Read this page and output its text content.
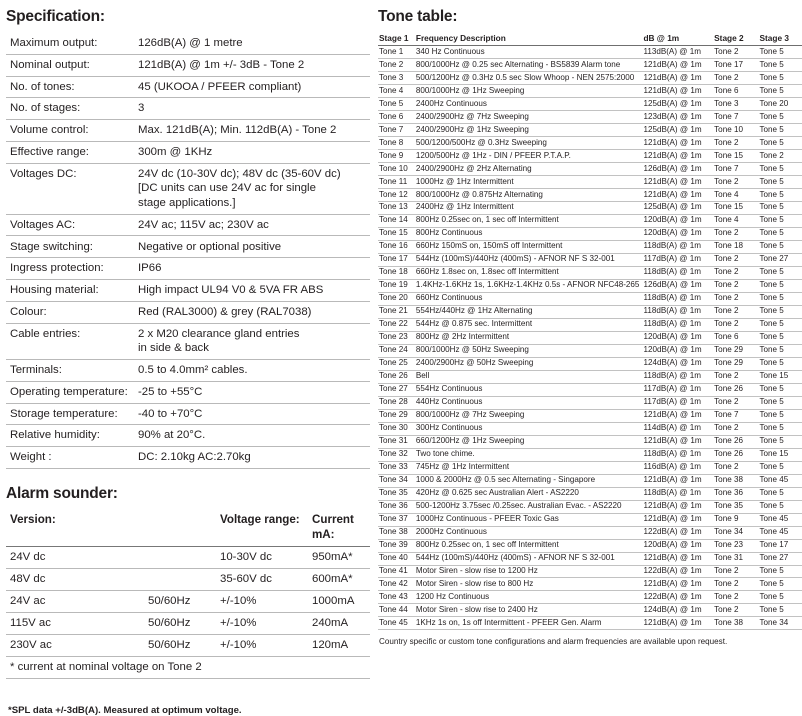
Specification:
Maximum output:	126dB(A) @ 1 metre
Nominal output:	121dB(A) @ 1m +/- 3dB - Tone 2
No. of tones:	45 (UKOOA / PFEER compliant)
No. of stages:	3
Volume control:	Max. 121dB(A); Min. 112dB(A) - Tone 2
Effective range:	300m @ 1KHz
Voltages DC:	24V dc (10-30V dc); 48V dc (35-60V dc)
[DC units can use 24V ac for single
stage applications.]
Voltages AC:	24V ac; 115V ac; 230V ac
Stage switching:	Negative or optional positive
Ingress protection:	IP66
Housing material:	High impact UL94 V0 & 5VA FR ABS
Colour:	Red (RAL3000) & grey (RAL7038)
Cable entries:	2 x M20 clearance gland entries
in side & back
Terminals:	0.5 to 4.0mm² cables.
Operating temperature:	-25 to +55°C
Storage temperature:	-40 to +70°C
Relative humidity:	90% at 20°C.
Weight :	DC: 2.10kg AC:2.70kg
Alarm sounder:
Version:		Voltage range:	Current mA:
24V dc		10-30V dc	950mA*
48V dc		35-60V dc	600mA*
24V ac	50/60Hz	+/-10%	1000mA
115V ac	50/60Hz	+/-10%	240mA
230V ac	50/60Hz	+/-10%	120mA
* current at nominal voltage on Tone 2			
*SPL data +/-3dB(A). Measured at optimum voltage.
Tone table:
Stage 1	Frequency Description	dB @ 1m	Stage 2	Stage 3
Tone 1	340 Hz Continuous	113dB(A) @ 1m	Tone 2	Tone 5
Tone 2	800/1000Hz @ 0.25 sec Alternating - BS5839 Alarm tone	121dB(A) @ 1m	Tone 17	Tone 5
Tone 3	500/1200Hz @ 0.3Hz 0.5 sec Slow Whoop - NEN 2575:2000	121dB(A) @ 1m	Tone 2	Tone 5
Tone 4	800/1000Hz @ 1Hz Sweeping	121dB(A) @ 1m	Tone 6	Tone 5
Tone 5	2400Hz Continuous	125dB(A) @ 1m	Tone 3	Tone 20
Tone 6	2400/2900Hz @ 7Hz Sweeping	123dB(A) @ 1m	Tone 7	Tone 5
Tone 7	2400/2900Hz @ 1Hz Sweeping	125dB(A) @ 1m	Tone 10	Tone 5
Tone 8	500/1200/500Hz @ 0.3Hz Sweeping	121dB(A) @ 1m	Tone 2	Tone 5
Tone 9	1200/500Hz @ 1Hz - DIN / PFEER P.T.A.P.	121dB(A) @ 1m	Tone 15	Tone 2
Tone 10	2400/2900Hz @ 2Hz Alternating	126dB(A) @ 1m	Tone 7	Tone 5
Tone 11	1000Hz @ 1Hz Intermittent	121dB(A) @ 1m	Tone 2	Tone 5
Tone 12	800/1000Hz @ 0.875Hz Alternating	121dB(A) @ 1m	Tone 4	Tone 5
Tone 13	2400Hz @ 1Hz Intermittent	125dB(A) @ 1m	Tone 15	Tone 5
Tone 14	800Hz 0.25sec on, 1 sec off Intermittent	120dB(A) @ 1m	Tone 4	Tone 5
Tone 15	800Hz Continuous	120dB(A) @ 1m	Tone 2	Tone 5
Tone 16	660Hz 150mS on, 150mS off Intermittent	118dB(A) @ 1m	Tone 18	Tone 5
Tone 17	544Hz (100mS)/440Hz (400mS) - AFNOR NF S 32-001	117dB(A) @ 1m	Tone 2	Tone 27
Tone 18	660Hz 1.8sec on, 1.8sec off Intermittent	118dB(A) @ 1m	Tone 2	Tone 5
Tone 19	1.4KHz-1.6KHz 1s, 1.6KHz-1.4KHz 0.5s - AFNOR NFC48-265	126dB(A) @ 1m	Tone 2	Tone 5
Tone 20	660Hz Continuous	118dB(A) @ 1m	Tone 2	Tone 5
Tone 21	554Hz/440Hz @ 1Hz Alternating	118dB(A) @ 1m	Tone 2	Tone 5
Tone 22	544Hz @ 0.875 sec. Intermittent	118dB(A) @ 1m	Tone 2	Tone 5
Tone 23	800Hz @ 2Hz Intermittent	120dB(A) @ 1m	Tone 6	Tone 5
Tone 24	800/1000Hz @ 50Hz Sweeping	120dB(A) @ 1m	Tone 29	Tone 5
Tone 25	2400/2900Hz @ 50Hz Sweeping	124dB(A) @ 1m	Tone 29	Tone 5
Tone 26	Bell	118dB(A) @ 1m	Tone 2	Tone 15
Tone 27	554Hz Continuous	117dB(A) @ 1m	Tone 26	Tone 5
Tone 28	440Hz Continuous	117dB(A) @ 1m	Tone 2	Tone 5
Tone 29	800/1000Hz @ 7Hz Sweeping	121dB(A) @ 1m	Tone 7	Tone 5
Tone 30	300Hz Continuous	114dB(A) @ 1m	Tone 2	Tone 5
Tone 31	660/1200Hz @ 1Hz Sweeping	121dB(A) @ 1m	Tone 26	Tone 5
Tone 32	Two tone chime.	118dB(A) @ 1m	Tone 26	Tone 15
Tone 33	745Hz @ 1Hz Intermittent	116dB(A) @ 1m	Tone 2	Tone 5
Tone 34	1000 & 2000Hz @ 0.5 sec Alternating - Singapore	121dB(A) @ 1m	Tone 38	Tone 45
Tone 35	420Hz @ 0.625 sec Australian Alert - AS2220	118dB(A) @ 1m	Tone 36	Tone 5
Tone 36	500-1200Hz 3.75sec /0.25sec. Australian Evac. - AS2220	121dB(A) @ 1m	Tone 35	Tone 5
Tone 37	1000Hz Continuous - PFEER Toxic Gas	121dB(A) @ 1m	Tone 9	Tone 45
Tone 38	2000Hz Continuous	122dB(A) @ 1m	Tone 34	Tone 45
Tone 39	800Hz 0.25sec on, 1 sec off Intermittent	120dB(A) @ 1m	Tone 23	Tone 17
Tone 40	544Hz (100mS)/440Hz (400mS) - AFNOR NF S 32-001	121dB(A) @ 1m	Tone 31	Tone 27
Tone 41	Motor Siren - slow rise to 1200 Hz	122dB(A) @ 1m	Tone 2	Tone 5
Tone 42	Motor Siren - slow rise to 800 Hz	121dB(A) @ 1m	Tone 2	Tone 5
Tone 43	1200 Hz Continuous	122dB(A) @ 1m	Tone 2	Tone 5
Tone 44	Motor Siren - slow rise to 2400 Hz	124dB(A) @ 1m	Tone 2	Tone 5
Tone 45	1KHz 1s on, 1s off Intermittent - PFEER Gen. Alarm	121dB(A) @ 1m	Tone 38	Tone 34
Country specific or custom tone configurations and alarm frequencies are available upon request.
